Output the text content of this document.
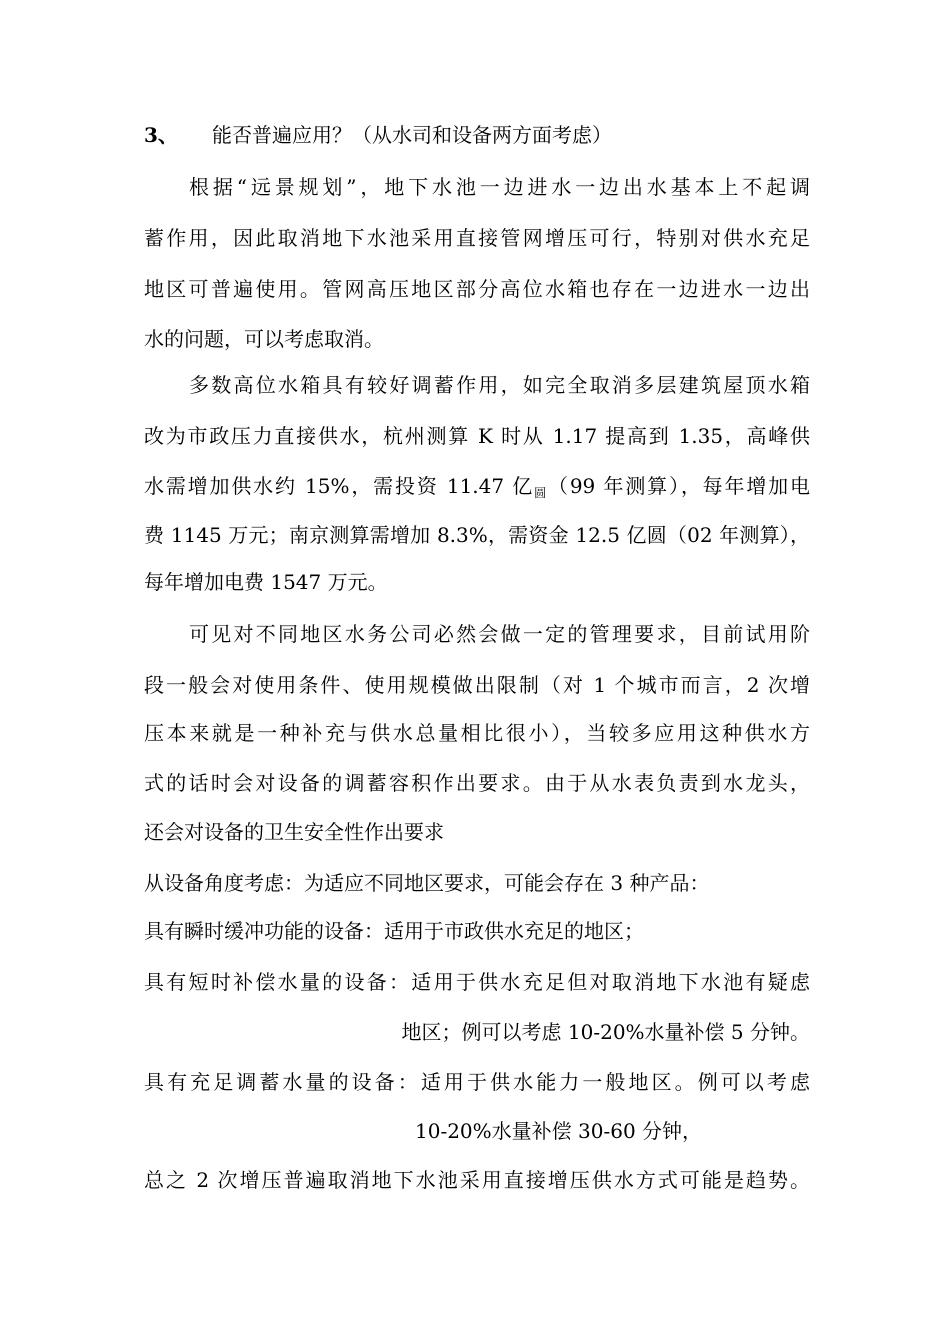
3、 能否普遍应用？（从水司和设备两方面考虑）
根据“远景规划”，地下水池一边进水一边出水基本上不起调
蓄作用，因此取消地下水池采用直接管网增压可行，特别对供水充足
地区可普遍使用。管网高压地区部分高位水箱也存在一边进水一边出
水的问题，可以考虑取消。
多数高位水箱具有较好调蓄作用，如完全取消多层建筑屋顶水箱
改为市政压力直接供水，杭州测算 K 时从 1.17 提高到 1.35，高峰供
水需增加供水约 15%，需投资 11.47 亿$_圆$（99 年测算），每年增加电
费 1145 万元；南京测算需增加 8.3%，需资金 12.5 亿圆（02 年测算），
每年增加电费 1547 万元。
可见对不同地区水务公司必然会做一定的管理要求，目前试用阶
段一般会对使用条件、使用规模做出限制（对 1 个城市而言，2 次增
压本来就是一种补充与供水总量相比很小），当较多应用这种供水方
式的话时会对设备的调蓄容积作出要求。由于从水表负责到水龙头，
还会对设备的卫生安全性作出要求
从设备角度考虑：为适应不同地区要求，可能会存在 3 种产品：
具有瞬时缓冲功能的设备：适用于市政供水充足的地区；
具有短时补偿水量的设备：适用于供水充足但对取消地下水池有疑虑
地区；例可以考虑 10-20%水量补偿 5 分钟。
具有充足调蓄水量的设备：适用于供水能力一般地区。例可以考虑
10-20%水量补偿 30-60 分钟，
总之 2 次增压普遍取消地下水池采用直接增压供水方式可能是趋势。
